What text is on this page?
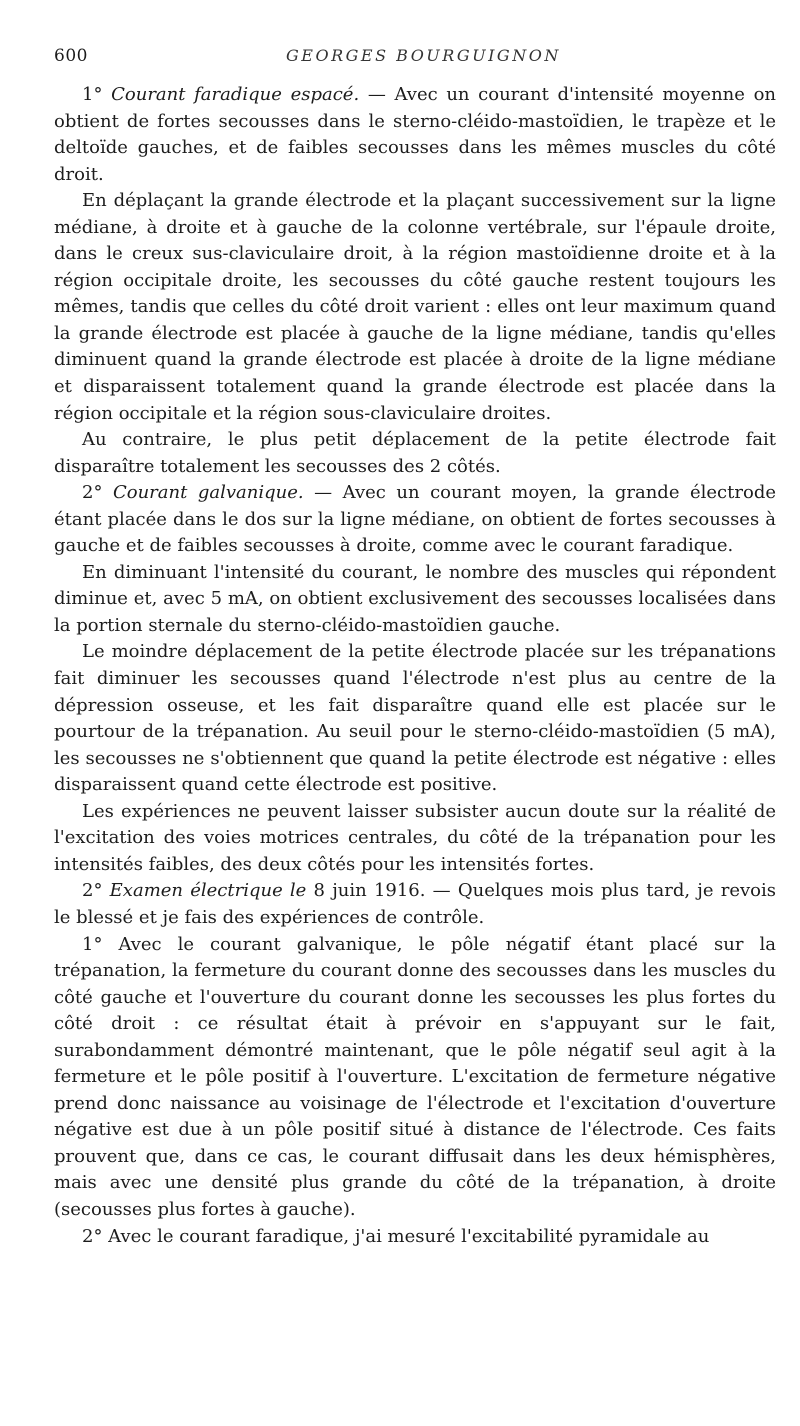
600	GEORGES BOURGUIGNON

1° Courant faradique espacé. — Avec un courant d'intensité moyenne on obtient de fortes secousses dans le sterno-cléido-mastoïdien, le trapèze et le deltoïde gauches, et de faibles secousses dans les mêmes muscles du côté droit.

En déplaçant la grande électrode et la plaçant successivement sur la ligne médiane, à droite et à gauche de la colonne vertébrale, sur l'épaule droite, dans le creux sus-claviculaire droit, à la région mastoïdienne droite et à la région occipitale droite, les secousses du côté gauche restent toujours les mêmes, tandis que celles du côté droit varient : elles ont leur maximum quand la grande électrode est placée à gauche de la ligne médiane, tandis qu'elles diminuent quand la grande électrode est placée à droite de la ligne médiane et disparaissent totalement quand la grande électrode est placée dans la région occipitale et la région sous-claviculaire droites.

Au contraire, le plus petit déplacement de la petite électrode fait disparaître totalement les secousses des 2 côtés.

2° Courant galvanique. — Avec un courant moyen, la grande électrode étant placée dans le dos sur la ligne médiane, on obtient de fortes secousses à gauche et de faibles secousses à droite, comme avec le courant faradique.

En diminuant l'intensité du courant, le nombre des muscles qui répondent diminue et, avec 5 mA, on obtient exclusivement des secousses localisées dans la portion sternale du sterno-cléido-mastoïdien gauche.

Le moindre déplacement de la petite électrode placée sur les trépanations fait diminuer les secousses quand l'électrode n'est plus au centre de la dépression osseuse, et les fait disparaître quand elle est placée sur le pourtour de la trépanation. Au seuil pour le sterno-cléido-mastoïdien (5 mA), les secousses ne s'obtiennent que quand la petite électrode est négative : elles disparaissent quand cette électrode est positive.

Les expériences ne peuvent laisser subsister aucun doute sur la réalité de l'excitation des voies motrices centrales, du côté de la trépanation pour les intensités faibles, des deux côtés pour les intensités fortes.

2° Examen électrique le 8 juin 1916. — Quelques mois plus tard, je revois le blessé et je fais des expériences de contrôle.

1° Avec le courant galvanique, le pôle négatif étant placé sur la trépanation, la fermeture du courant donne des secousses dans les muscles du côté gauche et l'ouverture du courant donne les secousses les plus fortes du côté droit : ce résultat était à prévoir en s'appuyant sur le fait, surabondamment démontré maintenant, que le pôle négatif seul agit à la fermeture et le pôle positif à l'ouverture. L'excitation de fermeture négative prend donc naissance au voisinage de l'électrode et l'excitation d'ouverture négative est due à un pôle positif situé à distance de l'électrode. Ces faits prouvent que, dans ce cas, le courant diffusait dans les deux hémisphères, mais avec une densité plus grande du côté de la trépanation, à droite (secousses plus fortes à gauche).

2° Avec le courant faradique, j'ai mesuré l'excitabilité pyramidale au
